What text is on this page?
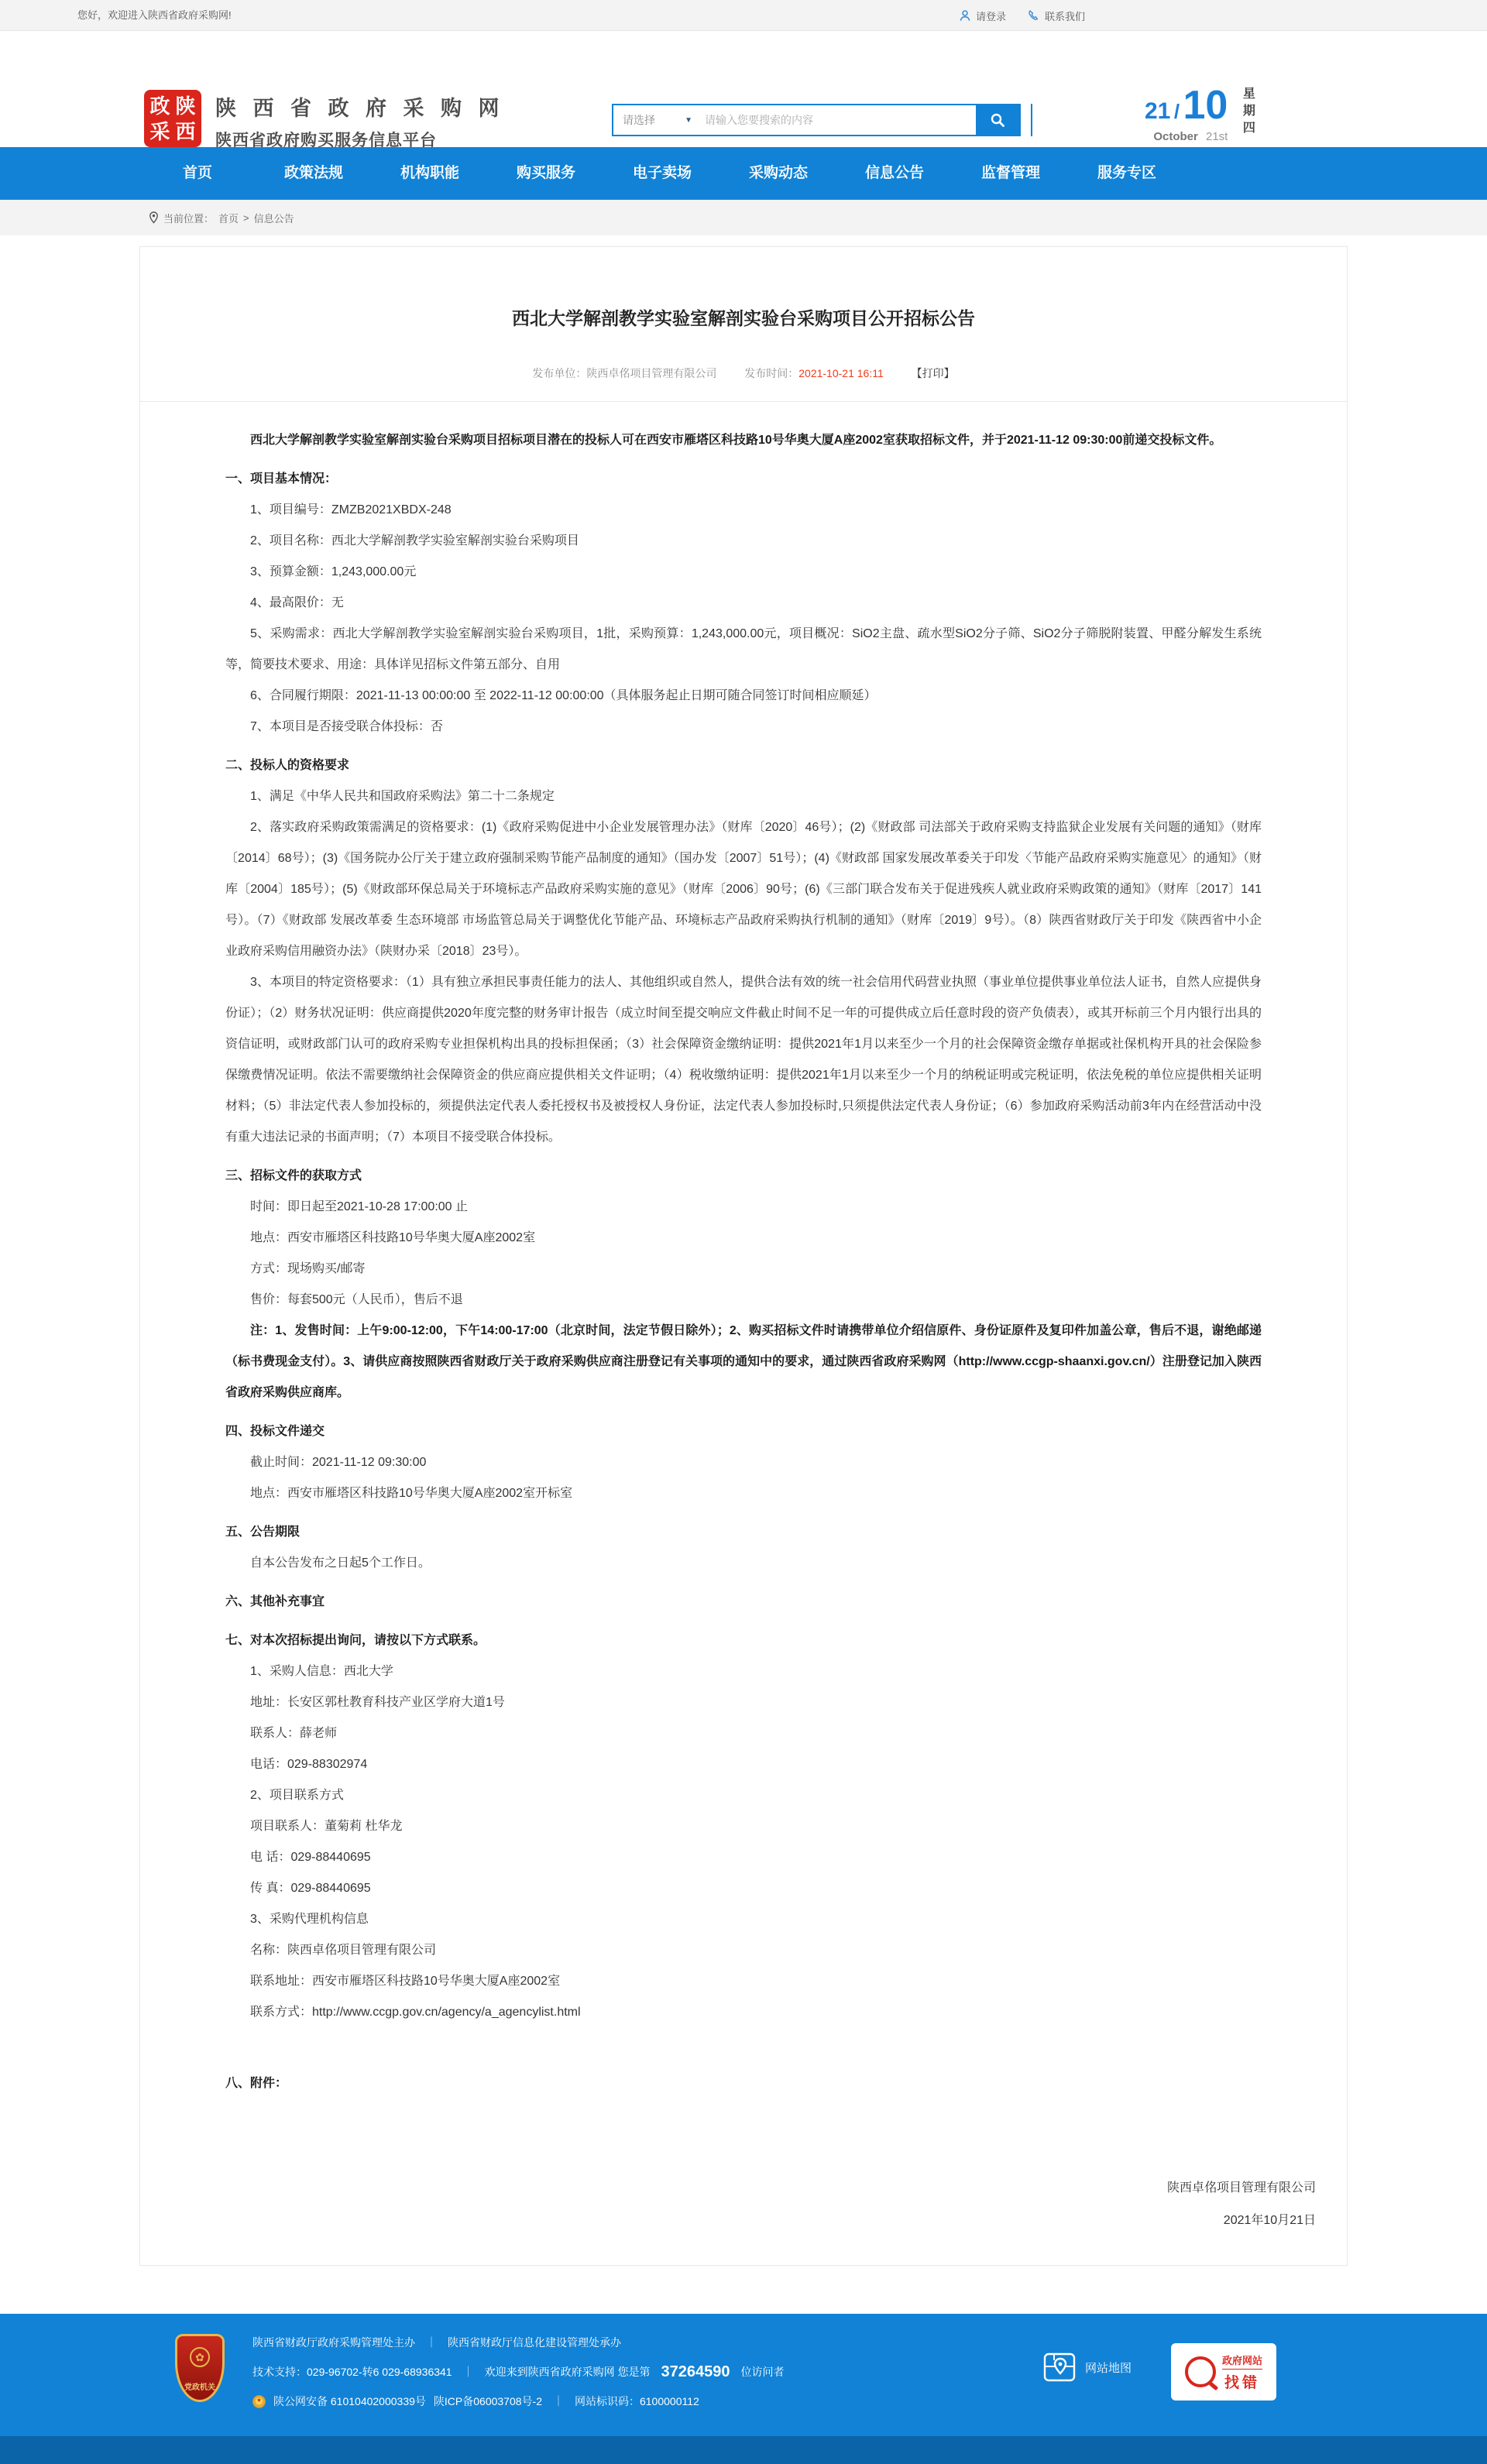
您好，欢迎进入陕西省政府采购网!	请登录	联系我们
政 陕
采 西
陕 西 省 政 府 采 购 网
陕西省政府购买服务信息平台
请选择	▼
请输入您要搜索的内容	21 / 10
October 21st 星期四
首页	政策法规	机构职能	购买服务	电子卖场	采购动态	信息公告	监督管理	服务专区
当前位置： 首页 > 信息公告
西北大学解剖教学实验室解剖实验台采购项目公开招标公告
发布单位：陕西卓佲项目管理有限公司	发布时间：2021-10-21 16:11	【打印】
西北大学解剖教学实验室解剖实验台采购项目招标项目潜在的投标人可在西安市雁塔区科技路10号华奥大厦A座2002室获取招标文件，并于2021-11-12 09:30:00前递交投标文件。
一、项目基本情况：
1、项目编号：ZMZB2021XBDX-248
2、项目名称：西北大学解剖教学实验室解剖实验台采购项目
3、预算金额：1,243,000.00元
4、最高限价：无
5、采购需求：西北大学解剖教学实验室解剖实验台采购项目，1批，采购预算：1,243,000.00元，项目概况：SiO2主盘、疏水型SiO2分子筛、SiO2分子筛脱附装置、甲醛分解发生系统等，简要技术要求、用途：具体详见招标文件第五部分、自用
6、合同履行期限：2021-11-13 00:00:00 至 2022-11-12 00:00:00（具体服务起止日期可随合同签订时间相应顺延）
7、本项目是否接受联合体投标：否
二、投标人的资格要求
1、满足《中华人民共和国政府采购法》第二十二条规定
2、落实政府采购政策需满足的资格要求：(1)《政府采购促进中小企业发展管理办法》（财库〔2020〕46号）；(2)《财政部 司法部关于政府采购支持监狱企业发展有关问题的通知》（财库〔2014〕68号）；(3)《国务院办公厅关于建立政府强制采购节能产品制度的通知》（国办发〔2007〕51号）；(4)《财政部 国家发展改革委关于印发〈节能产品政府采购实施意见〉的通知》（财库〔2004〕185号）；(5)《财政部环保总局关于环境标志产品政府采购实施的意见》（财库〔2006〕90号；(6)《三部门联合发布关于促进残疾人就业政府采购政策的通知》（财库〔2017〕141号）。（7）《财政部 发展改革委 生态环境部 市场监管总局关于调整优化节能产品、环境标志产品政府采购执行机制的通知》（财库〔2019〕9号）。（8）陕西省财政厅关于印发《陕西省中小企业政府采购信用融资办法》（陕财办采〔2018〕23号）。
3、本项目的特定资格要求：（1）具有独立承担民事责任能力的法人、其他组织或自然人，提供合法有效的统一社会信用代码营业执照（事业单位提供事业单位法人证书，自然人应提供身份证）；（2）财务状况证明：供应商提供2020年度完整的财务审计报告（成立时间至提交响应文件截止时间不足一年的可提供成立后任意时段的资产负债表），或其开标前三个月内银行出具的资信证明，或财政部门认可的政府采购专业担保机构出具的投标担保函；（3）社会保障资金缴纳证明：提供2021年1月以来至少一个月的社会保障资金缴存单据或社保机构开具的社会保险参保缴费情况证明。依法不需要缴纳社会保障资金的供应商应提供相关文件证明；（4）税收缴纳证明：提供2021年1月以来至少一个月的纳税证明或完税证明，依法免税的单位应提供相关证明材料；（5）非法定代表人参加投标的，须提供法定代表人委托授权书及被授权人身份证，法定代表人参加投标时,只须提供法定代表人身份证；（6）参加政府采购活动前3年内在经营活动中没有重大违法记录的书面声明；（7）本项目不接受联合体投标。
三、招标文件的获取方式
时间：即日起至2021-10-28 17:00:00 止
地点：西安市雁塔区科技路10号华奥大厦A座2002室
方式：现场购买/邮寄
售价：每套500元（人民币），售后不退
注：1、发售时间：上午9:00-12:00，下午14:00-17:00（北京时间，法定节假日除外）；2、购买招标文件时请携带单位介绍信原件、身份证原件及复印件加盖公章，售后不退，谢绝邮递（标书费现金支付）。3、请供应商按照陕西省财政厅关于政府采购供应商注册登记有关事项的通知中的要求，通过陕西省政府采购网（http://www.ccgp-shaanxi.gov.cn/）注册登记加入陕西省政府采购供应商库。
四、投标文件递交
截止时间：2021-11-12 09:30:00
地点：西安市雁塔区科技路10号华奥大厦A座2002室开标室
五、公告期限
自本公告发布之日起5个工作日。
六、其他补充事宜
七、对本次招标提出询问，请按以下方式联系。
1、采购人信息：西北大学
地址：长安区郭杜教育科技产业区学府大道1号
联系人：薛老师
电话：029-88302974
2、项目联系方式
项目联系人：董菊莉 杜华龙
电 话：029-88440695
传 真：029-88440695
3、采购代理机构信息
名称：陕西卓佲项目管理有限公司
联系地址：西安市雁塔区科技路10号华奥大厦A座2002室
联系方式：http://www.ccgp.gov.cn/agency/a_agencylist.html
八、附件：
陕西卓佲项目管理有限公司
2021年10月21日
✿
党政机关
陕西省财政厅政府采购管理处主办 ｜ 陕西省财政厅信息化建设管理处承办
技术支持：029-96702-转6 029-68936341 ｜ 欢迎来到陕西省政府采购网 您是第 37264590 位访问者
★
陕公网安备 61010402000339号 陕ICP备06003708号-2 ｜ 网站标识码：6100000112
网站地图
政府网站
找错
